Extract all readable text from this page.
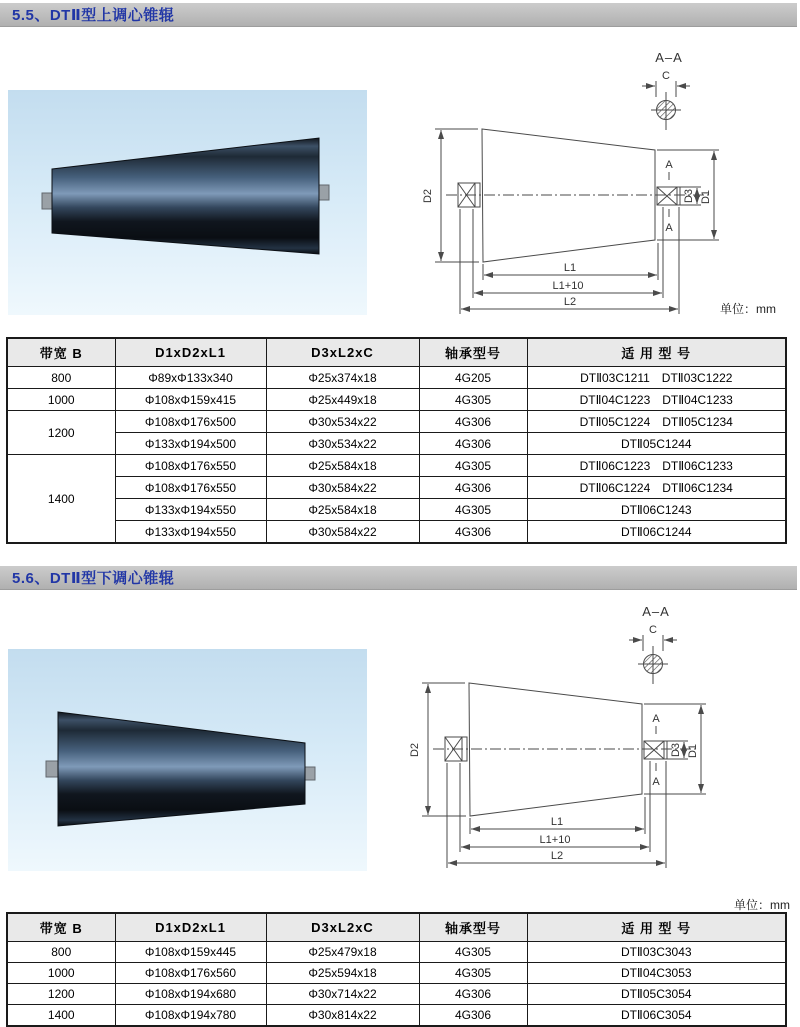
5.5、DTⅡ型上调心锥辊
A–A
C
A
A
D2	D3 D1
L1
L1+10
L2	单位：mm
带宽 B	D1xD2xL1	D3xL2xC	轴承型号	适 用 型 号
800	Φ89xΦ133x340	Φ25x374x18	4G205	DTⅡ03C1211　DTⅡ03C1222
1000	Φ108xΦ159x415	Φ25x449x18	4G305	DTⅡ04C1223　DTⅡ04C1233
1200	Φ108xΦ176x500	Φ30x534x22	4G306	DTⅡ05C1224　DTⅡ05C1234
	Φ133xΦ194x500	Φ30x534x22	4G306	DTⅡ05C1244
1400	Φ108xΦ176x550	Φ25x584x18	4G305	DTⅡ06C1223　DTⅡ06C1233
	Φ108xΦ176x550	Φ30x584x22	4G306	DTⅡ06C1224　DTⅡ06C1234
	Φ133xΦ194x550	Φ25x584x18	4G305	DTⅡ06C1243
	Φ133xΦ194x550	Φ30x584x22	4G306	DTⅡ06C1244
5.6、DTⅡ型下调心锥辊
A–A
C
A
A
D2	D3 D1
L1
L1+10
L2
单位：mm
带宽 B	D1xD2xL1	D3xL2xC	轴承型号	适 用 型 号
800	Φ108xΦ159x445	Φ25x479x18	4G305	DTⅡ03C3043
1000	Φ108xΦ176x560	Φ25x594x18	4G305	DTⅡ04C3053
1200	Φ108xΦ194x680	Φ30x714x22	4G306	DTⅡ05C3054
1400	Φ108xΦ194x780	Φ30x814x22	4G306	DTⅡ06C3054
